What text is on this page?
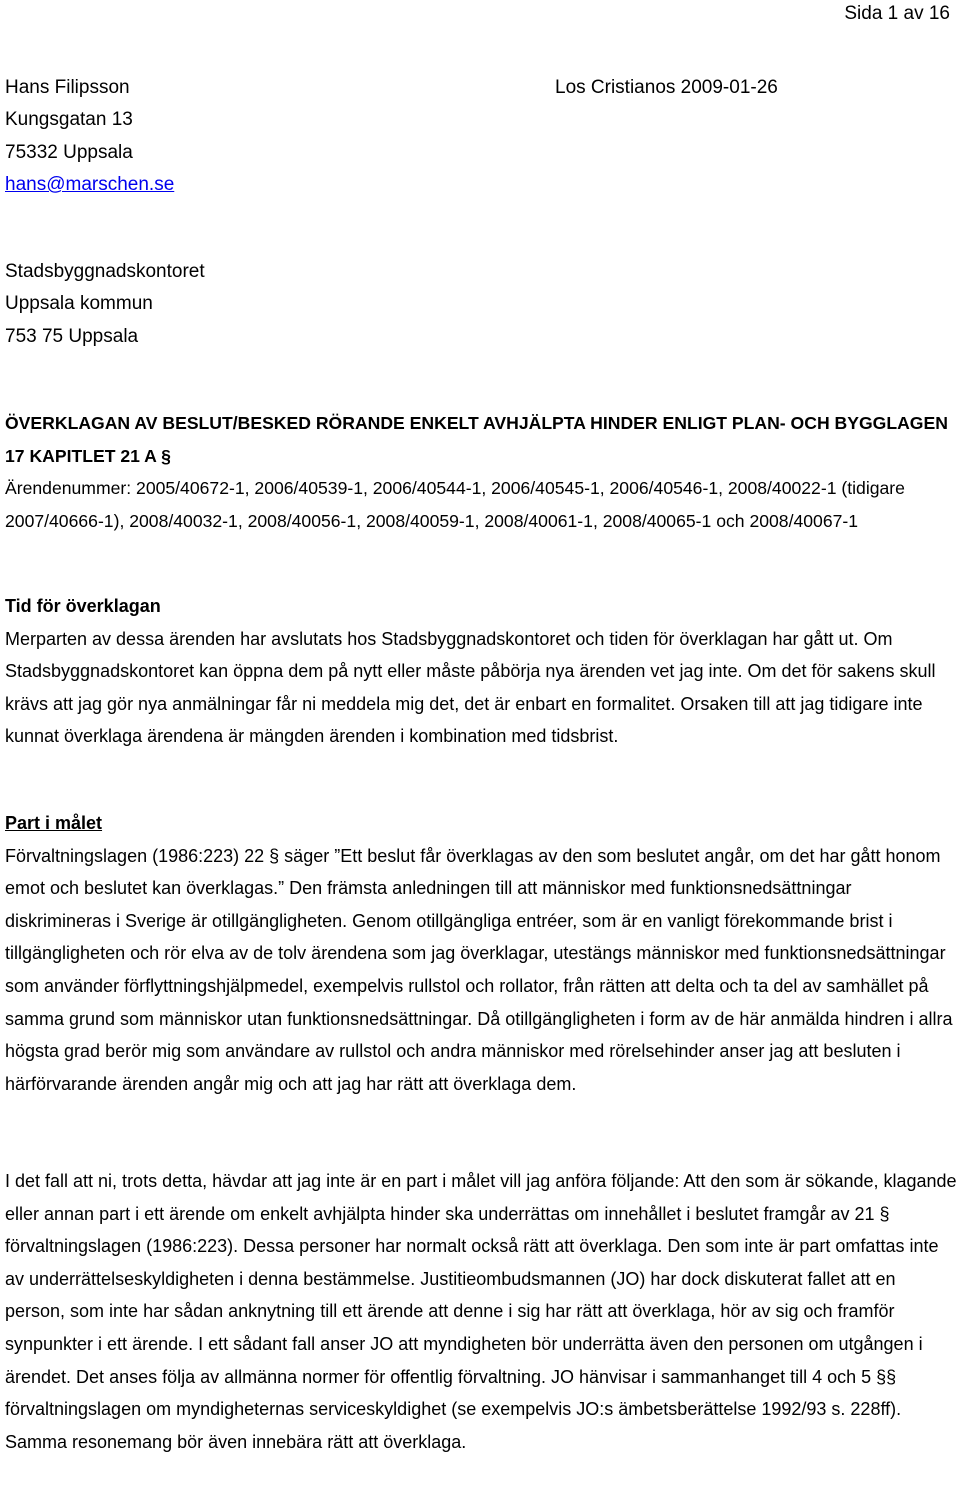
Sida 1 av 16
Hans Filipsson	Los Cristianos 2009-01-26
Kungsgatan 13
75332 Uppsala
hans@marschen.se
Stadsbyggnadskontoret
Uppsala kommun
753 75 Uppsala
ÖVERKLAGAN AV BESLUT/BESKED RÖRANDE ENKELT AVHJÄLPTA HINDER ENLIGT PLAN- OCH BYGGLAGEN 17 KAPITLET 21 A §
Ärendenummer: 2005/40672-1, 2006/40539-1, 2006/40544-1, 2006/40545-1, 2006/40546-1, 2008/40022-1 (tidigare 2007/40666-1), 2008/40032-1, 2008/40056-1, 2008/40059-1, 2008/40061-1, 2008/40065-1 och 2008/40067-1

Tid för överklagan

Merparten av dessa ärenden har avslutats hos Stadsbyggnadskontoret och tiden för överklagan har gått ut. Om Stadsbyggnadskontoret kan öppna dem på nytt eller måste påbörja nya ärenden vet jag inte. Om det för sakens skull krävs att jag gör nya anmälningar får ni meddela mig det, det är enbart en formalitet. Orsaken till att jag tidigare inte kunnat överklaga ärendena är mängden ärenden i kombination med tidsbrist.

Part i målet

Förvaltningslagen (1986:223) 22 § säger ”Ett beslut får överklagas av den som beslutet angår, om det har gått honom emot och beslutet kan överklagas.” Den främsta anledningen till att människor med funktionsnedsättningar diskrimineras i Sverige är otillgängligheten. Genom otillgängliga entréer, som är en vanligt förekommande brist i tillgängligheten och rör elva av de tolv ärendena som jag överklagar, utestängs människor med funktionsnedsättningar som använder förflyttningshjälpmedel, exempelvis rullstol och rollator, från rätten att delta och ta del av samhället på samma grund som människor utan funktionsnedsättningar. Då otillgängligheten i form av de här anmälda hindren i allra högsta grad berör mig som användare av rullstol och andra människor med rörelsehinder anser jag att besluten i härförvarande ärenden angår mig och att jag har rätt att överklaga dem.

I det fall att ni, trots detta, hävdar att jag inte är en part i målet vill jag anföra följande: Att den som är sökande, klagande eller annan part i ett ärende om enkelt avhjälpta hinder ska underrättas om innehållet i beslutet framgår av 21 § förvaltningslagen (1986:223). Dessa personer har normalt också rätt att överklaga. Den som inte är part omfattas inte av underrättelseskyldigheten i denna bestämmelse. Justitieombudsmannen (JO) har dock diskuterat fallet att en person, som inte har sådan anknytning till ett ärende att denne i sig har rätt att överklaga, hör av sig och framför synpunkter i ett ärende. I ett sådant fall anser JO att myndigheten bör underrätta även den personen om utgången i ärendet. Det anses följa av allmänna normer för offentlig förvaltning. JO hänvisar i sammanhanget till 4 och 5 §§ förvaltningslagen om myndigheternas serviceskyldighet (se exempelvis JO:s ämbetsberättelse 1992/93 s. 228ff). Samma resonemang bör även innebära rätt att överklaga.
